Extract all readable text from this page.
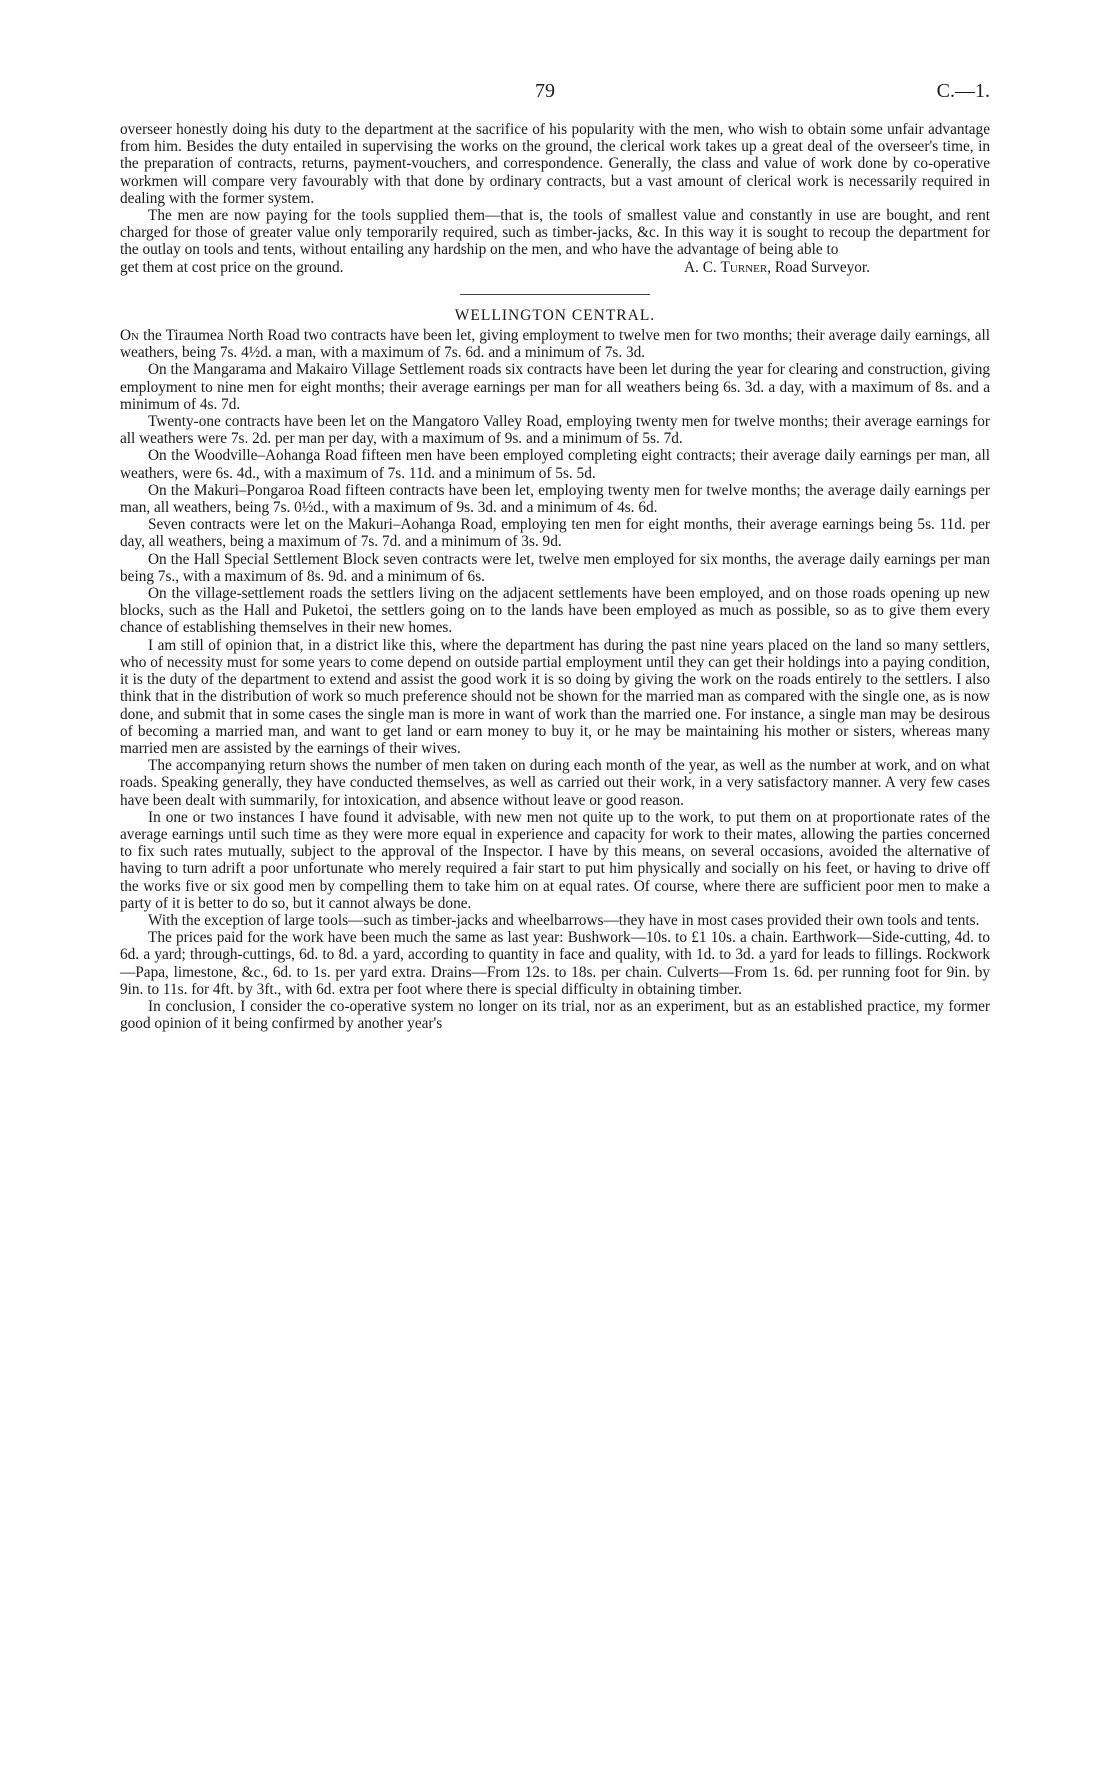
79	C.—1.

overseer honestly doing his duty to the department at the sacrifice of his popularity with the men, who wish to obtain some unfair advantage from him. Besides the duty entailed in supervising the works on the ground, the clerical work takes up a great deal of the overseer's time, in the preparation of contracts, returns, payment-vouchers, and correspondence. Generally, the class and value of work done by co-operative workmen will compare very favourably with that done by ordinary contracts, but a vast amount of clerical work is necessarily required in dealing with the former system.

The men are now paying for the tools supplied them—that is, the tools of smallest value and constantly in use are bought, and rent charged for those of greater value only temporarily required, such as timber-jacks, &c. In this way it is sought to recoup the department for the outlay on tools and tents, without entailing any hardship on the men, and who have the advantage of being able to

get them at cost price on the ground.	A. C. Turner, Road Surveyor.
WELLINGTON CENTRAL.

On the Tiraumea North Road two contracts have been let, giving employment to twelve men for two months; their average daily earnings, all weathers, being 7s. 4½d. a man, with a maximum of 7s. 6d. and a minimum of 7s. 3d.

On the Mangarama and Makairo Village Settlement roads six contracts have been let during the year for clearing and construction, giving employment to nine men for eight months; their average earnings per man for all weathers being 6s. 3d. a day, with a maximum of 8s. and a minimum of 4s. 7d.

Twenty-one contracts have been let on the Mangatoro Valley Road, employing twenty men for twelve months; their average earnings for all weathers were 7s. 2d. per man per day, with a maximum of 9s. and a minimum of 5s. 7d.

On the Woodville–Aohanga Road fifteen men have been employed completing eight contracts; their average daily earnings per man, all weathers, were 6s. 4d., with a maximum of 7s. 11d. and a minimum of 5s. 5d.

On the Makuri–Pongaroa Road fifteen contracts have been let, employing twenty men for twelve months; the average daily earnings per man, all weathers, being 7s. 0½d., with a maximum of 9s. 3d. and a minimum of 4s. 6d.

Seven contracts were let on the Makuri–Aohanga Road, employing ten men for eight months, their average earnings being 5s. 11d. per day, all weathers, being a maximum of 7s. 7d. and a minimum of 3s. 9d.

On the Hall Special Settlement Block seven contracts were let, twelve men employed for six months, the average daily earnings per man being 7s., with a maximum of 8s. 9d. and a minimum of 6s.

On the village-settlement roads the settlers living on the adjacent settlements have been employed, and on those roads opening up new blocks, such as the Hall and Puketoi, the settlers going on to the lands have been employed as much as possible, so as to give them every chance of establishing themselves in their new homes.

I am still of opinion that, in a district like this, where the department has during the past nine years placed on the land so many settlers, who of necessity must for some years to come depend on outside partial employment until they can get their holdings into a paying condition, it is the duty of the department to extend and assist the good work it is so doing by giving the work on the roads entirely to the settlers. I also think that in the distribution of work so much preference should not be shown for the married man as compared with the single one, as is now done, and submit that in some cases the single man is more in want of work than the married one. For instance, a single man may be desirous of becoming a married man, and want to get land or earn money to buy it, or he may be maintaining his mother or sisters, whereas many married men are assisted by the earnings of their wives.

The accompanying return shows the number of men taken on during each month of the year, as well as the number at work, and on what roads. Speaking generally, they have conducted themselves, as well as carried out their work, in a very satisfactory manner. A very few cases have been dealt with summarily, for intoxication, and absence without leave or good reason.

In one or two instances I have found it advisable, with new men not quite up to the work, to put them on at proportionate rates of the average earnings until such time as they were more equal in experience and capacity for work to their mates, allowing the parties concerned to fix such rates mutually, subject to the approval of the Inspector. I have by this means, on several occasions, avoided the alternative of having to turn adrift a poor unfortunate who merely required a fair start to put him physically and socially on his feet, or having to drive off the works five or six good men by compelling them to take him on at equal rates. Of course, where there are sufficient poor men to make a party of it is better to do so, but it cannot always be done.

With the exception of large tools—such as timber-jacks and wheelbarrows—they have in most cases provided their own tools and tents.

The prices paid for the work have been much the same as last year: Bushwork—10s. to £1 10s. a chain. Earthwork—Side-cutting, 4d. to 6d. a yard; through-cuttings, 6d. to 8d. a yard, according to quantity in face and quality, with 1d. to 3d. a yard for leads to fillings. Rockwork—Papa, limestone, &c., 6d. to 1s. per yard extra. Drains—From 12s. to 18s. per chain. Culverts—From 1s. 6d. per running foot for 9in. by 9in. to 11s. for 4ft. by 3ft., with 6d. extra per foot where there is special difficulty in obtaining timber.

In conclusion, I consider the co-operative system no longer on its trial, nor as an experiment, but as an established practice, my former good opinion of it being confirmed by another year's
